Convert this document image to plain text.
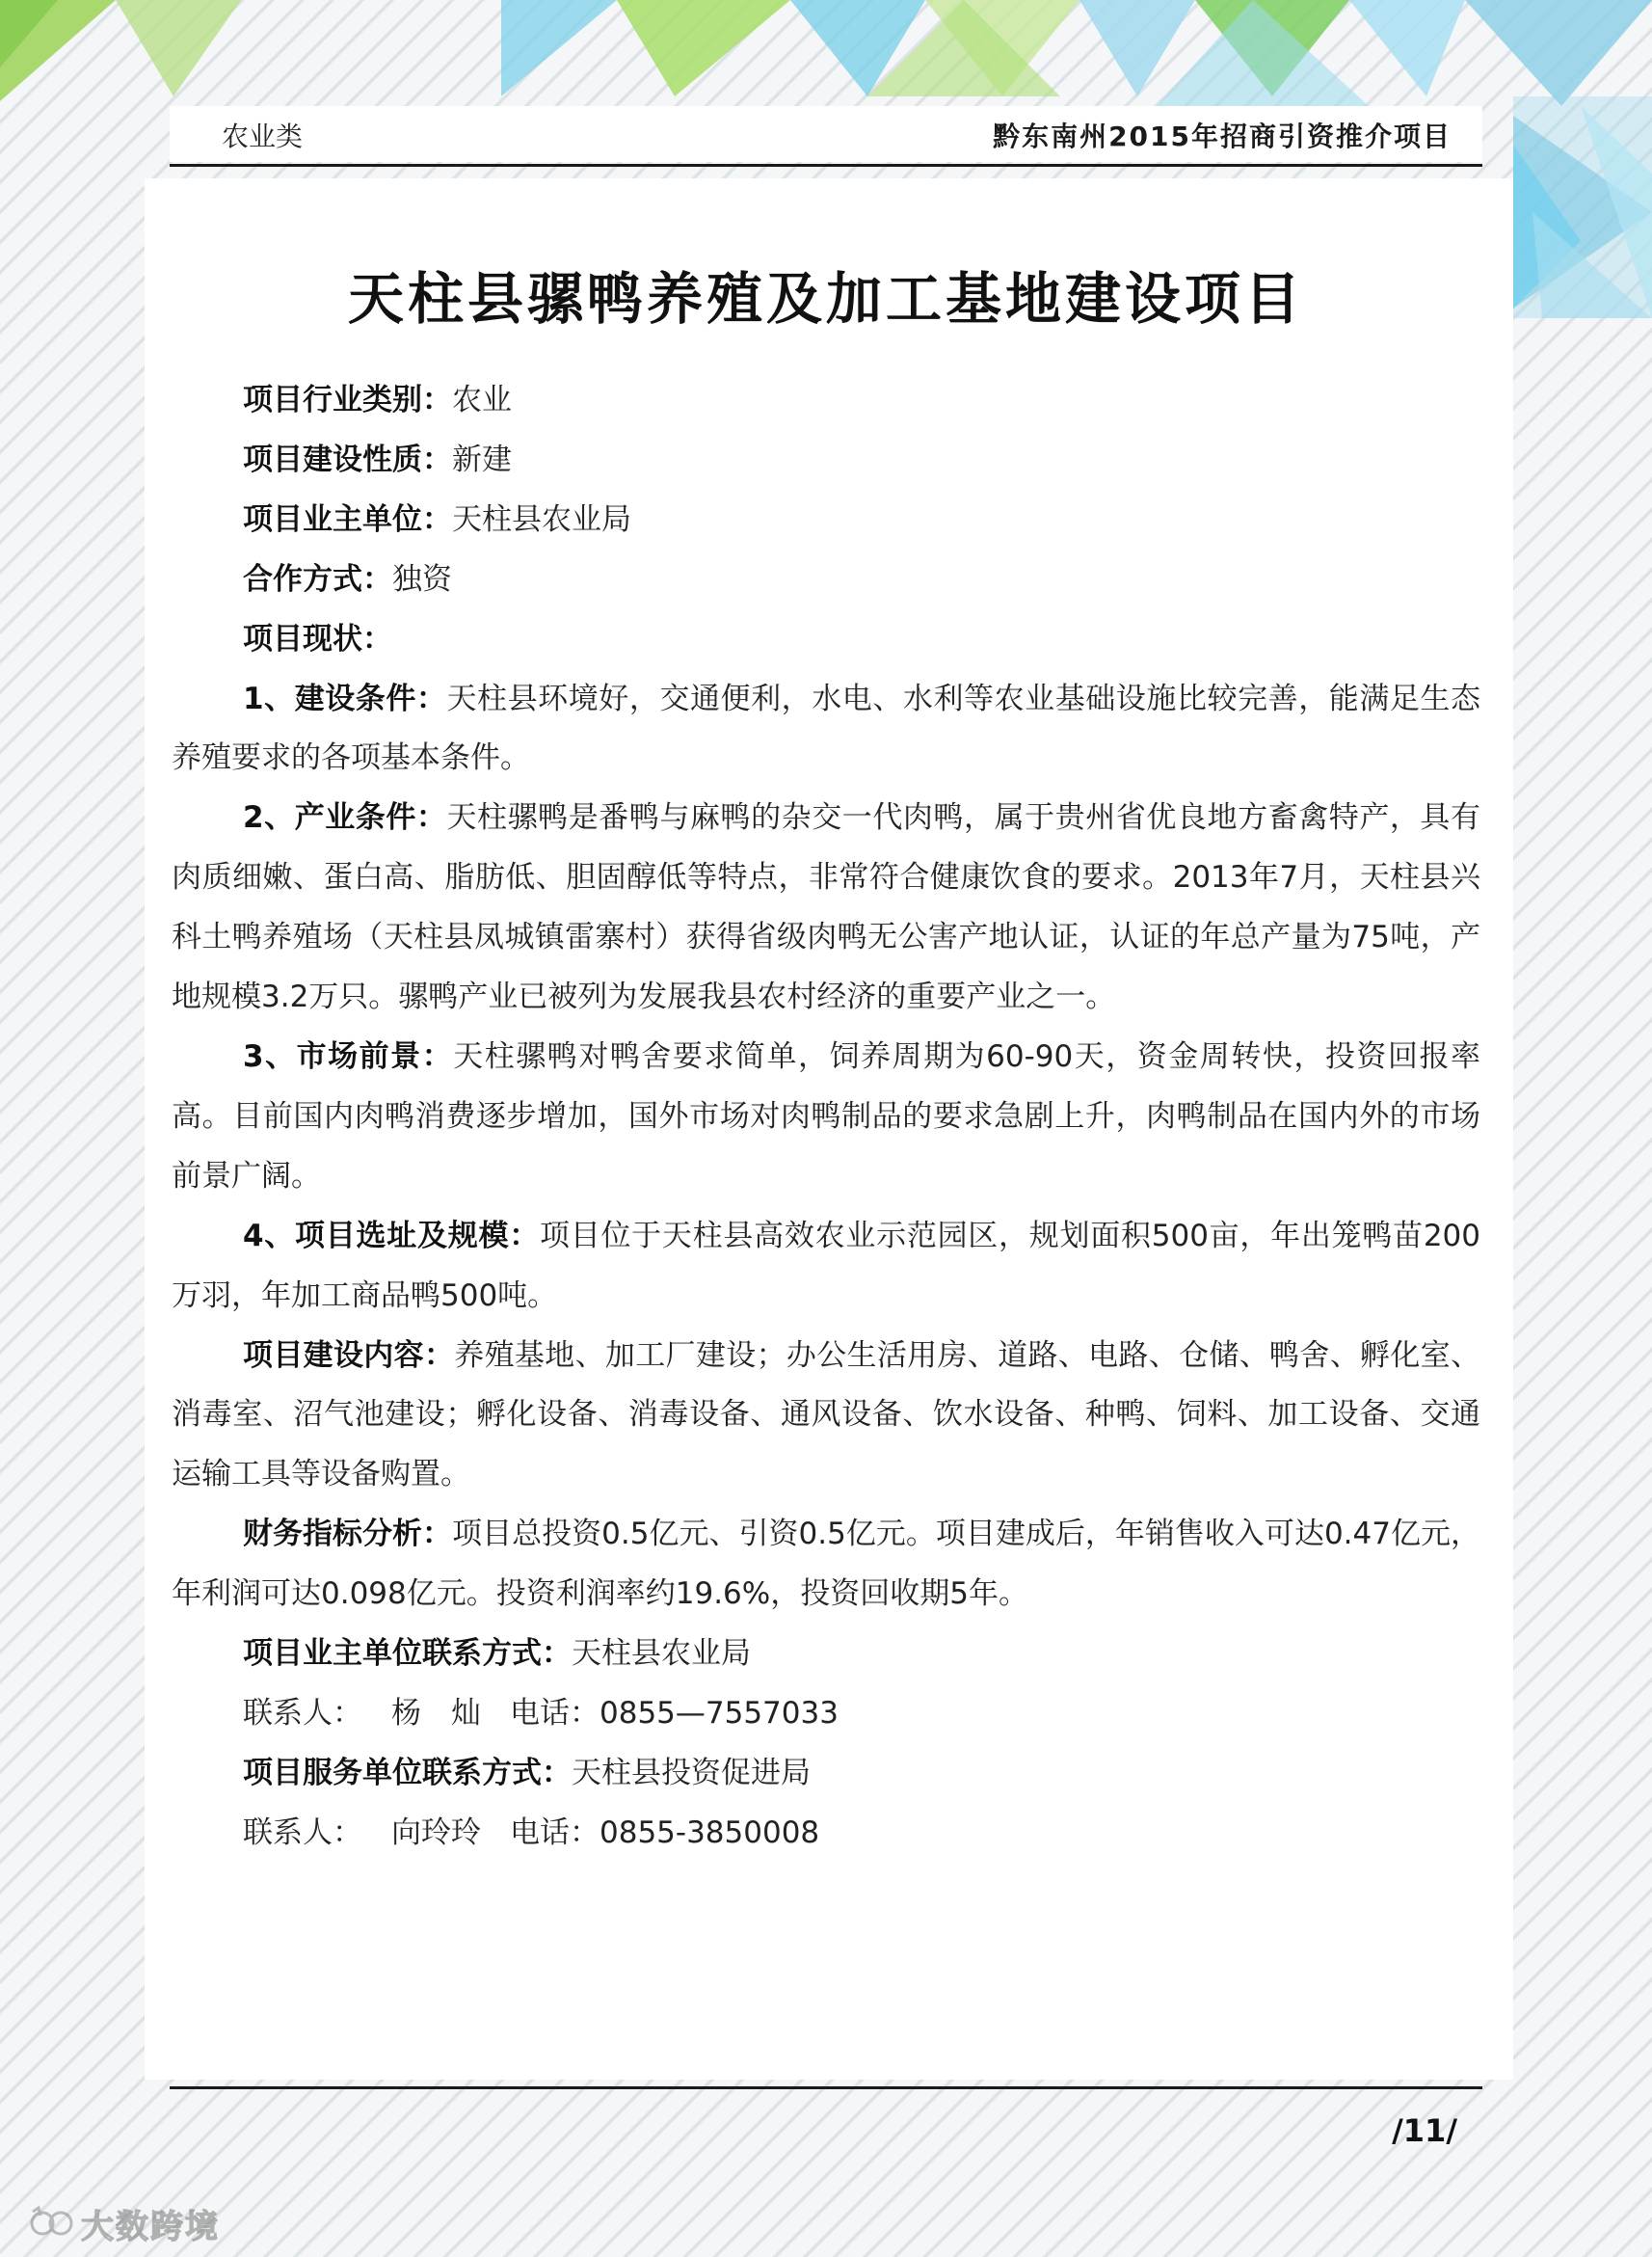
农业类	黔东南州2015年招商引资推介项目
天柱县骡鸭养殖及加工基地建设项目

项目行业类别：农业

项目建设性质：新建

项目业主单位：天柱县农业局

合作方式：独资

项目现状：

1、建设条件：天柱县环境好，交通便利，水电、水利等农业基础设施比较完善，能满足生态养殖要求的各项基本条件。

2、产业条件：天柱骡鸭是番鸭与麻鸭的杂交一代肉鸭，属于贵州省优良地方畜禽特产，具有肉质细嫩、蛋白高、脂肪低、胆固醇低等特点，非常符合健康饮食的要求。2013年7月，天柱县兴科土鸭养殖场（天柱县凤城镇雷寨村）获得省级肉鸭无公害产地认证，认证的年总产量为75吨，产地规模3.2万只。骡鸭产业已被列为发展我县农村经济的重要产业之一。

3、市场前景：天柱骡鸭对鸭舍要求简单，饲养周期为60-90天，资金周转快，投资回报率高。目前国内肉鸭消费逐步增加，国外市场对肉鸭制品的要求急剧上升，肉鸭制品在国内外的市场前景广阔。

4、项目选址及规模：项目位于天柱县高效农业示范园区，规划面积500亩，年出笼鸭苗200万羽，年加工商品鸭500吨。

项目建设内容：养殖基地、加工厂建设；办公生活用房、道路、电路、仓储、鸭舍、孵化室、消毒室、沼气池建设；孵化设备、消毒设备、通风设备、饮水设备、种鸭、饲料、加工设备、交通运输工具等设备购置。

财务指标分析：项目总投资0.5亿元、引资0.5亿元。项目建成后，年销售收入可达0.47亿元，年利润可达0.098亿元。投资利润率约19.6%，投资回收期5年。

项目业主单位联系方式：天柱县农业局

联系人： 杨　灿 电话：0855—7557033

项目服务单位联系方式：天柱县投资促进局

联系人： 向玲玲 电话：0855-3850008

/11/
大数跨境
